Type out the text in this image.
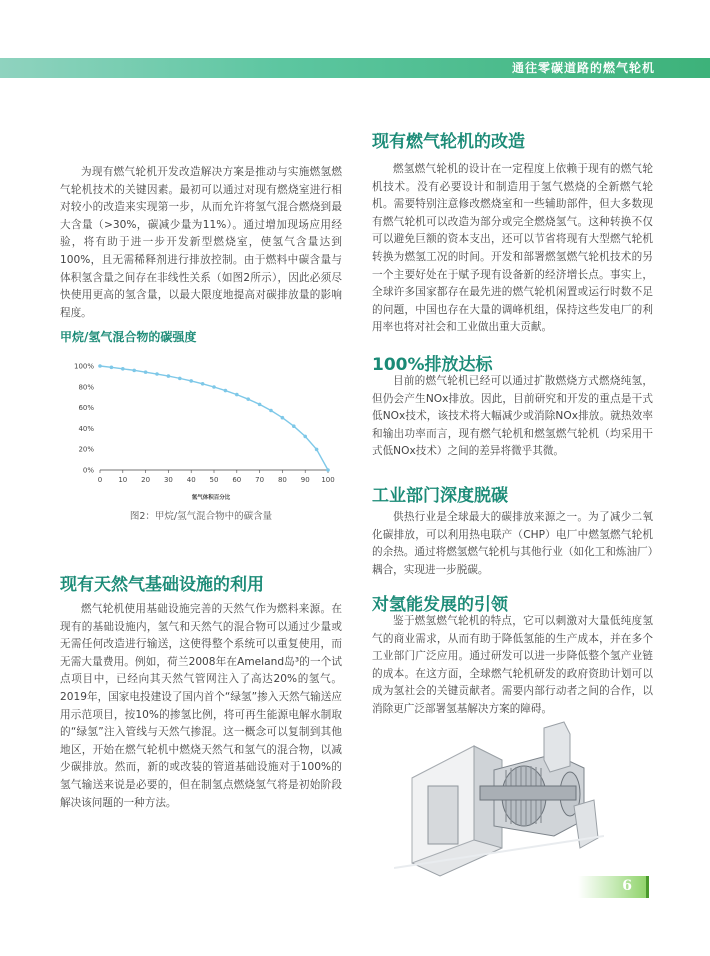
通往零碳道路的燃气轮机

为现有燃气轮机开发改造解决方案是推动与实施燃氢燃气轮机技术的关键因素。最初可以通过对现有燃烧室进行相对较小的改造来实现第一步，从而允许将氢气混合燃烧到最大含量（>30%，碳减少量为11%）。通过增加现场应用经验，将有助于进一步开发新型燃烧室，使氢气含量达到100%，且无需稀释剂进行排放控制。由于燃料中碳含量与体积氢含量之间存在非线性关系（如图2所示），因此必须尽快使用更高的氢含量，以最大限度地提高对碳排放量的影响程度。

甲烷/氢气混合物的碳强度
0%
20%
40%
60%
80%
100%
0 10 20 30 40 50 60 70 80 90 100
氢气体积百分比
图2：甲烷/氢气混合物中的碳含量
现有天然气基础设施的利用

燃气轮机使用基础设施完善的天然气作为燃料来源。在现有的基础设施内，氢气和天然气的混合物可以通过少量或无需任何改造进行输送，这使得整个系统可以重复使用，而无需大量费用。例如，荷兰2008年在Ameland岛³的一个试点项目中，已经向其天然气管网注入了高达20%的氢气。2019年，国家电投建设了国内首个“绿氢”掺入天然气输送应用示范项目，按10%的掺氢比例，将可再生能源电解水制取的“绿氢”注入管线与天然气掺混。这一概念可以复制到其他地区，开始在燃气轮机中燃烧天然气和氢气的混合物，以减少碳排放。然而，新的或改装的管道基础设施对于100%的氢气输送来说是必要的，但在制氢点燃烧氢气将是初始阶段解决该问题的一种方法。

现有燃气轮机的改造

燃氢燃气轮机的设计在一定程度上依赖于现有的燃气轮机技术。没有必要设计和制造用于氢气燃烧的全新燃气轮机。需要特别注意修改燃烧室和一些辅助部件，但大多数现有燃气轮机可以改造为部分或完全燃烧氢气。这种转换不仅可以避免巨额的资本支出，还可以节省将现有大型燃气轮机转换为燃氢工况的时间。开发和部署燃氢燃气轮机技术的另一个主要好处在于赋予现有设备新的经济增长点。事实上，全球许多国家都存在最先进的燃气轮机闲置或运行时数不足的问题，中国也存在大量的调峰机组，保持这些发电厂的利用率也将对社会和工业做出重大贡献。

100%排放达标

目前的燃气轮机已经可以通过扩散燃烧方式燃烧纯氢，但仍会产生NOx排放。因此，目前研究和开发的重点是干式低NOx技术，该技术将大幅减少或消除NOx排放。就热效率和输出功率而言，现有燃气轮机和燃氢燃气轮机（均采用干式低NOx技术）之间的差异将微乎其微。

工业部门深度脱碳

供热行业是全球最大的碳排放来源之一。为了减少二氧化碳排放，可以利用热电联产（CHP）电厂中燃氢燃气轮机的余热。通过将燃氢燃气轮机与其他行业（如化工和炼油厂）耦合，实现进一步脱碳。

对氢能发展的引领

鉴于燃氢燃气轮机的特点，它可以刺激对大量低纯度氢气的商业需求，从而有助于降低氢能的生产成本，并在多个工业部门广泛应用。通过研发可以进一步降低整个氢产业链的成本。在这方面，全球燃气轮机研发的政府资助计划可以成为氢社会的关键贡献者。需要内部行动者之间的合作，以消除更广泛部署氢基解决方案的障碍。

6
